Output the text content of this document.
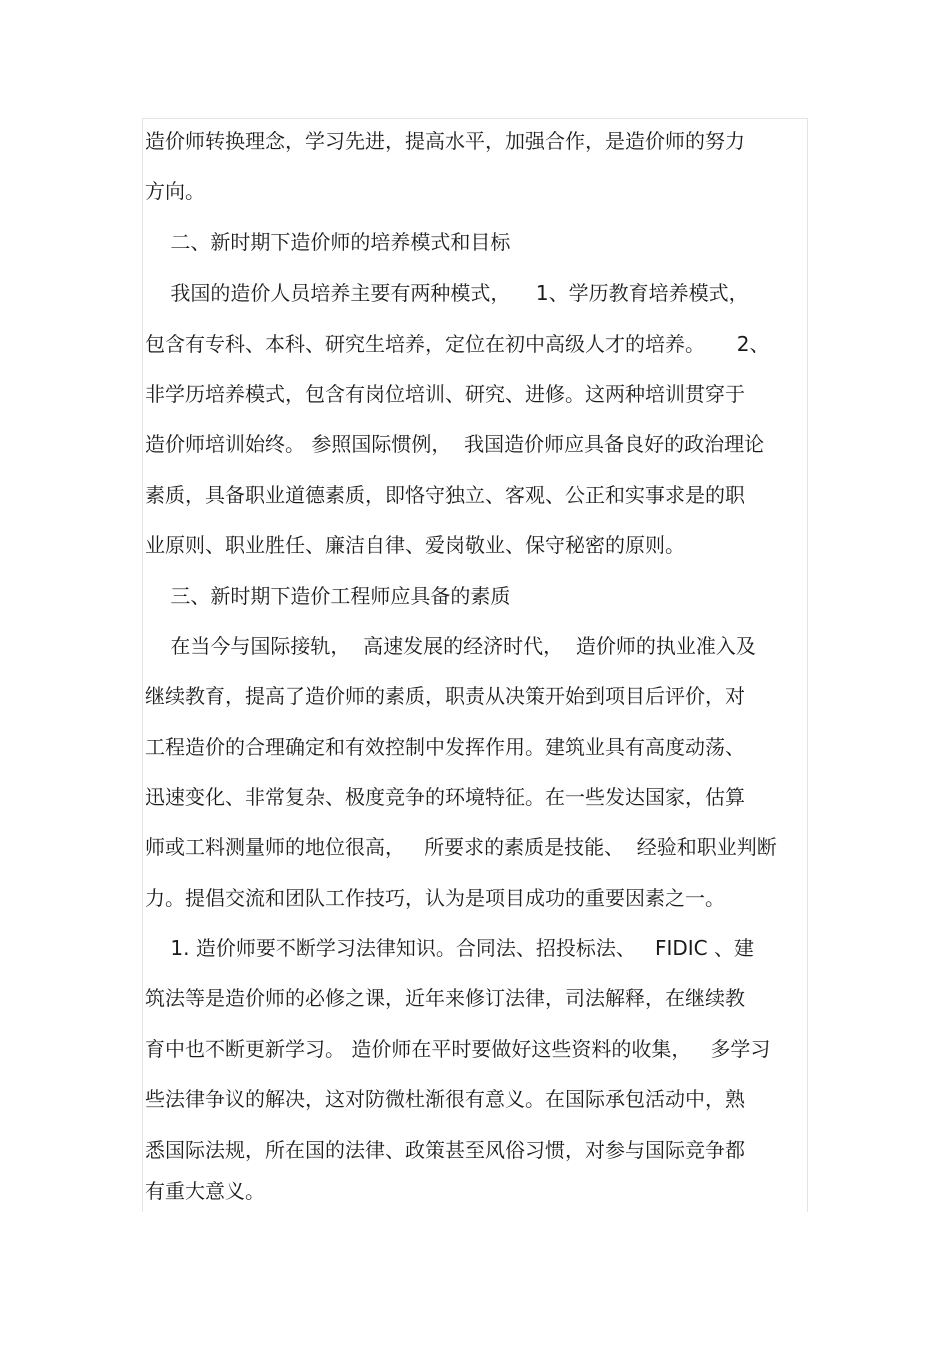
造价师转换理念，学习先进，提高水平，加强合作，是造价师的努力
方向。
二、新时期下造价师的培养模式和目标
我国的造价人员培养主要有两种模式，    1、学历教育培养模式，
包含有专科、本科、研究生培养，定位在初中高级人才的培养。     2、
非学历培养模式，包含有岗位培训、研究、进修。这两种培训贯穿于
造价师培训始终。 参照国际惯例，  我国造价师应具备良好的政治理论
素质，具备职业道德素质，即恪守独立、客观、公正和实事求是的职
业原则、职业胜任、廉洁自律、爱岗敬业、保守秘密的原则。
三、新时期下造价工程师应具备的素质
在当今与国际接轨，  高速发展的经济时代，  造价师的执业准入及
继续教育，提高了造价师的素质，职责从决策开始到项目后评价，对
工程造价的合理确定和有效控制中发挥作用。建筑业具有高度动荡、
迅速变化、非常复杂、极度竞争的环境特征。在一些发达国家，估算
师或工料测量师的地位很高，   所要求的素质是技能、  经验和职业判断
力。提倡交流和团队工作技巧，认为是项目成功的重要因素之一。
1. 造价师要不断学习法律知识。合同法、招投标法、   FIDIC 、建
筑法等是造价师的必修之课，近年来修订法律，司法解释，在继续教
育中也不断更新学习。 造价师在平时要做好这些资料的收集，   多学习
些法律争议的解决，这对防微杜渐很有意义。在国际承包活动中，熟
悉国际法规，所在国的法律、政策甚至风俗习惯，对参与国际竞争都
有重大意义。
